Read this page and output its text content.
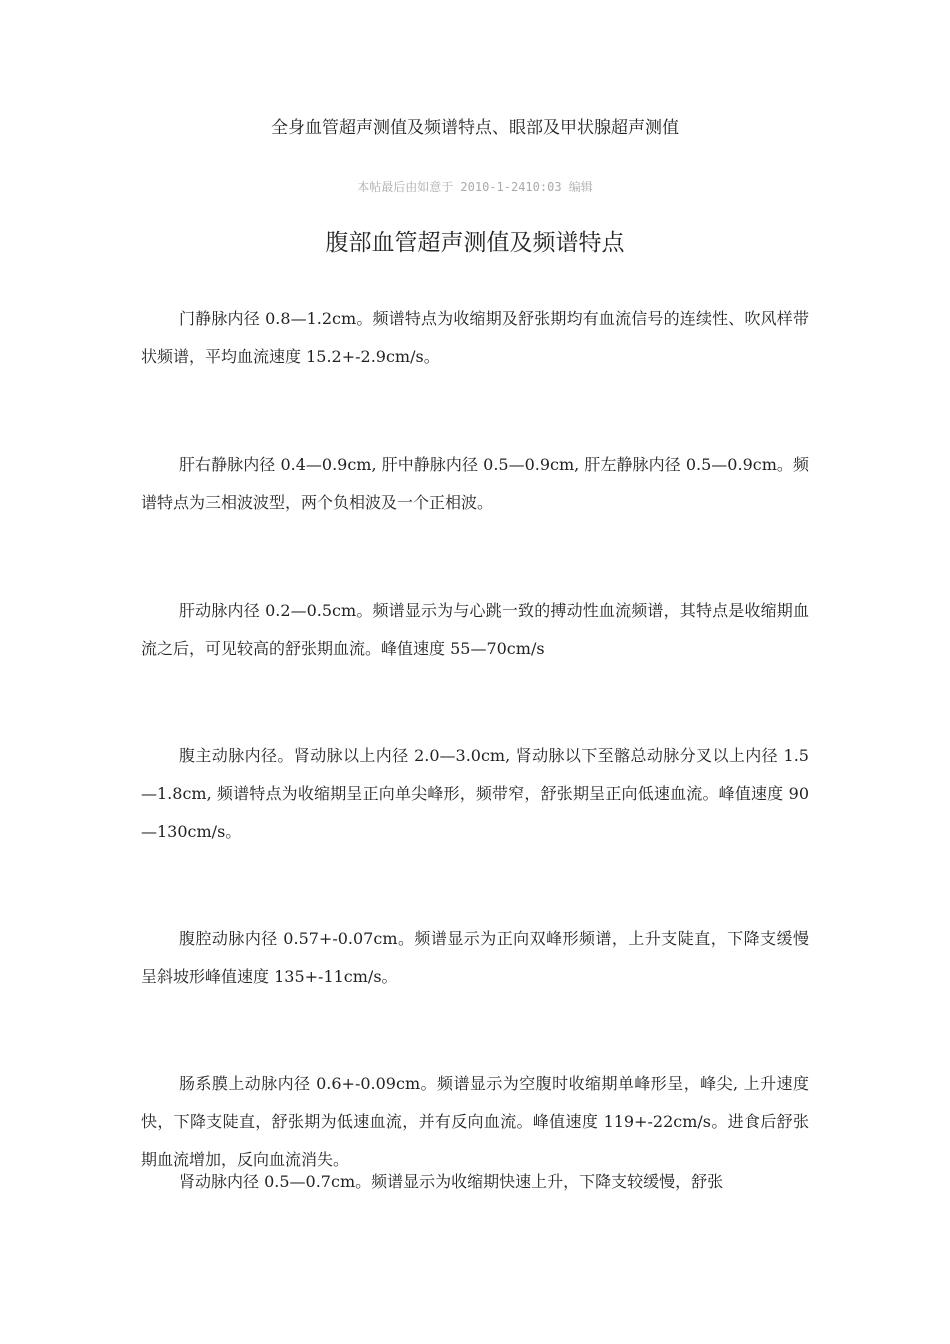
全身血管超声测值及频谱特点、眼部及甲状腺超声测值
本帖最后由如意于 2010-1-2410:03 编辑
腹部血管超声测值及频谱特点

门静脉内径 0.8—1.2cm。频谱特点为收缩期及舒张期均有血流信号的连续性、吹风样带状频谱，平均血流速度 15.2+-2.9cm/s。

肝右静脉内径 0.4—0.9cm, 肝中静脉内径 0.5—0.9cm, 肝左静脉内径 0.5—0.9cm。频谱特点为三相波波型，两个负相波及一个正相波。

肝动脉内径 0.2—0.5cm。频谱显示为与心跳一致的搏动性血流频谱，其特点是收缩期血流之后，可见较高的舒张期血流。峰值速度 55—70cm/s

腹主动脉内径。肾动脉以上内径 2.0—3.0cm, 肾动脉以下至髂总动脉分叉以上内径 1.5—1.8cm, 频谱特点为收缩期呈正向单尖峰形，频带窄，舒张期呈正向低速血流。峰值速度 90—130cm/s。

腹腔动脉内径 0.57+-0.07cm。频谱显示为正向双峰形频谱，上升支陡直，下降支缓慢呈斜坡形峰值速度 135+-11cm/s。

肠系膜上动脉内径 0.6+-0.09cm。频谱显示为空腹时收缩期单峰形呈，峰尖, 上升速度快，下降支陡直，舒张期为低速血流，并有反向血流。峰值速度 119+-22cm/s。进食后舒张期血流增加，反向血流消失。

肾动脉内径 0.5—0.7cm。频谱显示为收缩期快速上升，下降支较缓慢，舒张
